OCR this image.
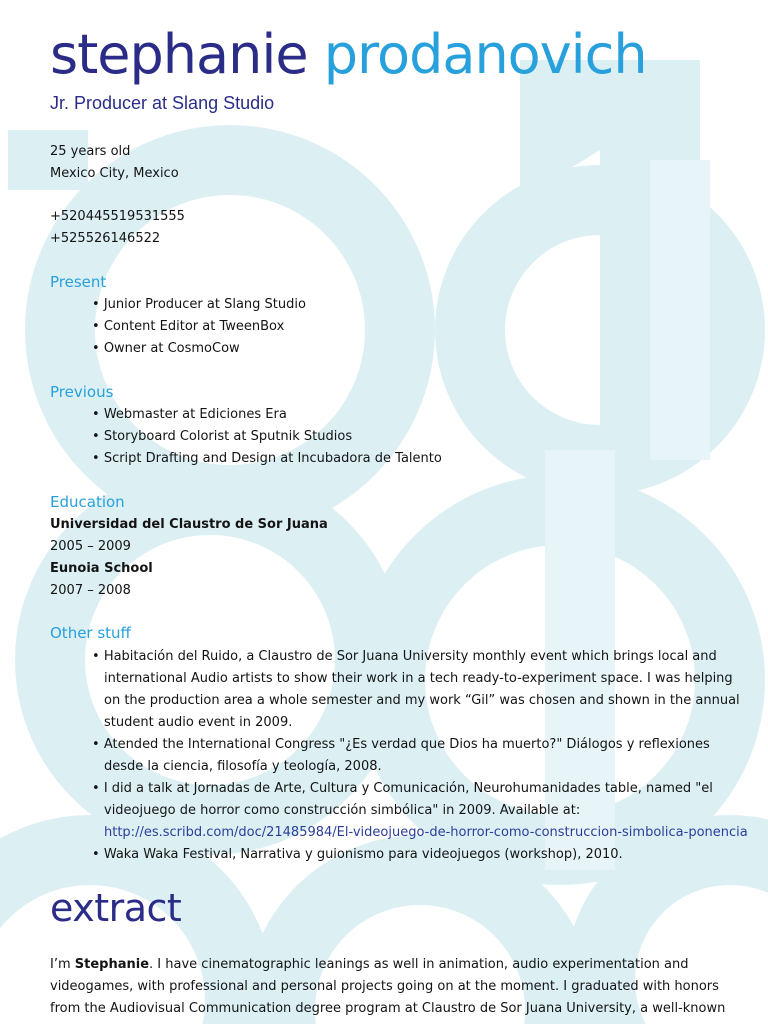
stephanie prodanovich
Jr. Producer at Slang Studio
25 years old
Mexico City, Mexico
+520445519531555
+525526146522
Present
• Junior Producer at Slang Studio
• Content Editor at TweenBox
• Owner at CosmoCow
Previous
• Webmaster at Ediciones Era
• Storyboard Colorist at Sputnik Studios
• Script Drafting and Design at Incubadora de Talento
Education
Universidad del Claustro de Sor Juana
2005 – 2009
Eunoia School
2007 – 2008
Other stuff
• Habitación del Ruido, a Claustro de Sor Juana University monthly event which brings local and
international Audio artists to show their work in a tech ready-to-experiment space. I was helping
on the production area a whole semester and my work “Gil” was chosen and shown in the annual
student audio event in 2009.
• Atended the International Congress "¿Es verdad que Dios ha muerto?" Diálogos y reflexiones
desde la ciencia, filosofía y teología, 2008.
• I did a talk at Jornadas de Arte, Cultura y Comunicación, Neurohumanidades table, named "el
videojuego de horror como construcción simbólica" in 2009. Available at:
http://es.scribd.com/doc/21485984/El-videojuego-de-horror-como-construccion-simbolica-ponencia
• Waka Waka Festival, Narrativa y guionismo para videojuegos (workshop), 2010.
extract
I’m Stephanie. I have cinematographic leanings as well in animation, audio experimentation and
videogames, with professional and personal projects going on at the moment. I graduated with honors
from the Audiovisual Communication degree program at Claustro de Sor Juana University, a well-known
